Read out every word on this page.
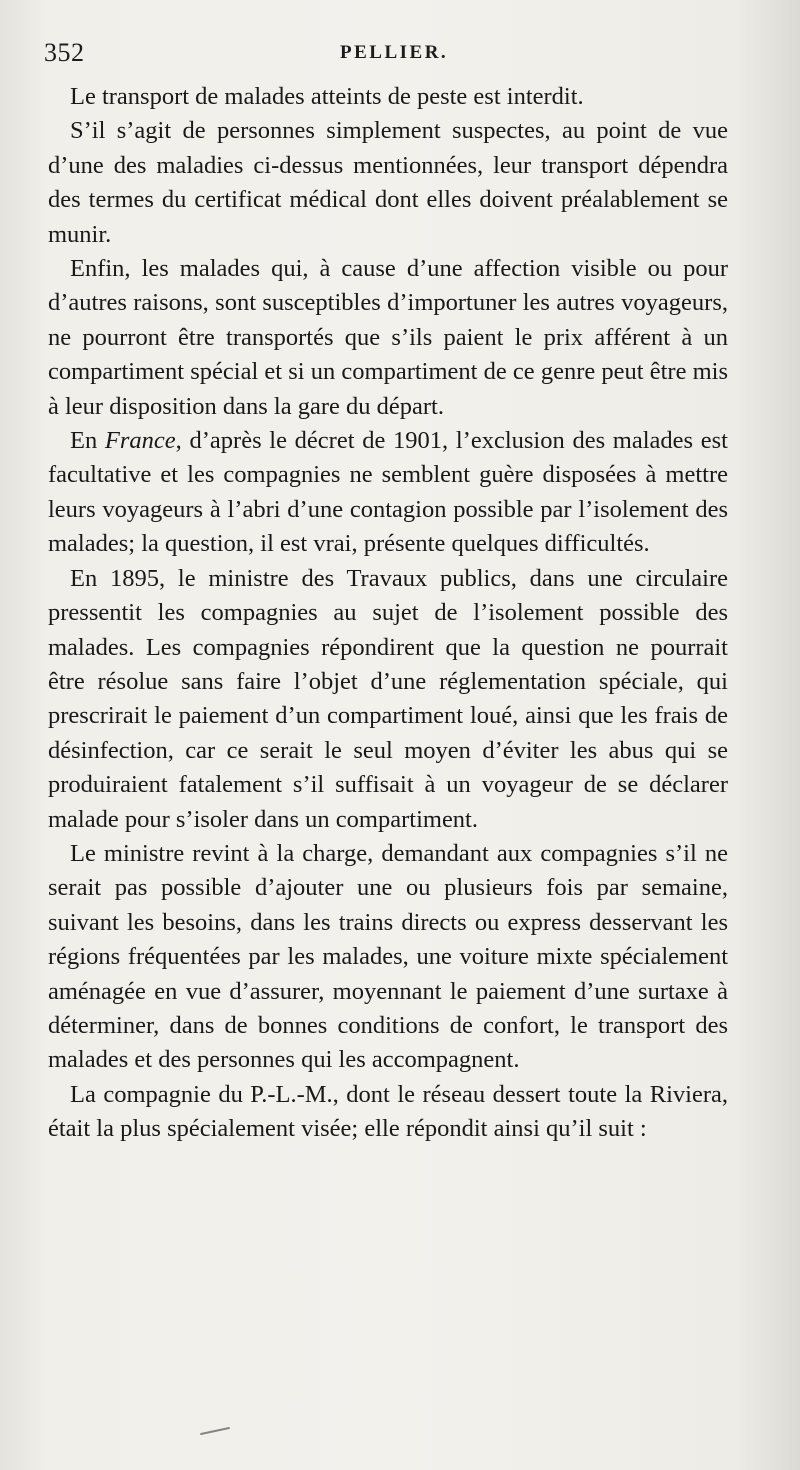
352	PELLIER.

Le transport de malades atteints de peste est interdit.

S’il s’agit de personnes simplement suspectes, au point de vue d’une des maladies ci-dessus mentionnées, leur transport dépendra des termes du certificat médical dont elles doivent préalablement se munir.

Enfin, les malades qui, à cause d’une affection visible ou pour d’autres raisons, sont susceptibles d’importuner les autres voyageurs, ne pourront être transportés que s’ils paient le prix afférent à un compartiment spécial et si un compartiment de ce genre peut être mis à leur disposition dans la gare du départ.

En France, d’après le décret de 1901, l’exclusion des malades est facultative et les compagnies ne semblent guère disposées à mettre leurs voyageurs à l’abri d’une contagion possible par l’isolement des malades; la question, il est vrai, présente quelques difficultés.

En 1895, le ministre des Travaux publics, dans une circulaire pressentit les compagnies au sujet de l’isolement possible des malades. Les compagnies répondirent que la question ne pourrait être résolue sans faire l’objet d’une réglementation spéciale, qui prescrirait le paiement d’un compartiment loué, ainsi que les frais de désinfection, car ce serait le seul moyen d’éviter les abus qui se produiraient fatalement s’il suffisait à un voyageur de se déclarer malade pour s’isoler dans un compartiment.

Le ministre revint à la charge, demandant aux compagnies s’il ne serait pas possible d’ajouter une ou plusieurs fois par semaine, suivant les besoins, dans les trains directs ou express desservant les régions fréquentées par les malades, une voiture mixte spécialement aménagée en vue d’assurer, moyennant le paiement d’une surtaxe à déterminer, dans de bonnes conditions de confort, le transport des malades et des personnes qui les accompagnent.

La compagnie du P.-L.-M., dont le réseau dessert toute la Riviera, était la plus spécialement visée; elle répondit ainsi qu’il suit :
